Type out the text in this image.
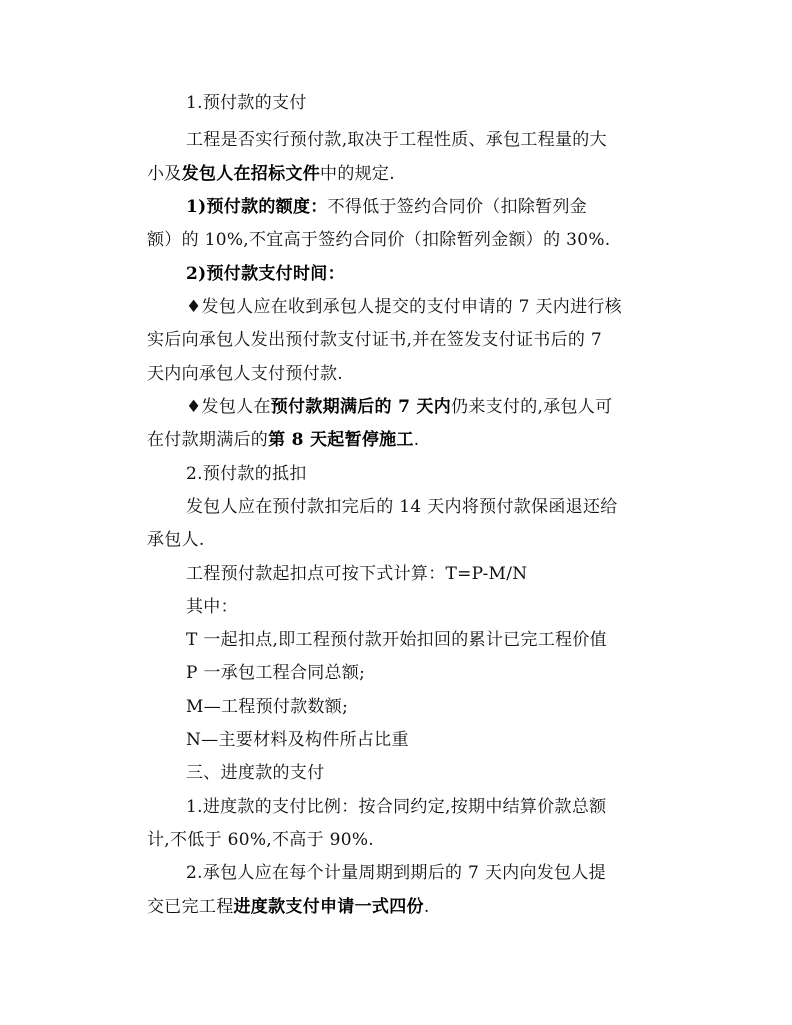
1.预付款的支付
工程是否实行预付款,取决于工程性质、承包工程量的大
小及发包人在招标文件中的规定.
1)预付款的额度：不得低于签约合同价（扣除暂列金
额）的 10%,不宜高于签约合同价（扣除暂列金额）的 30%.
2)预付款支付时间：
♦发包人应在收到承包人提交的支付申请的 7 天内进行核
实后向承包人发出预付款支付证书,并在签发支付证书后的 7
天内向承包人支付预付款.
♦发包人在预付款期满后的 7 天内仍来支付的,承包人可
在付款期满后的第 8 天起暂停施工.
2.预付款的抵扣
发包人应在预付款扣完后的 14 天内将预付款保函退还给
承包人.
工程预付款起扣点可按下式计算：T=P-M/N
其中：
T 一起扣点,即工程预付款开始扣回的累计已完工程价值
P 一承包工程合同总额;
M—工程预付款数额;
N—主要材料及构件所占比重
三、进度款的支付
1.进度款的支付比例：按合同约定,按期中结算价款总额
计,不低于 60%,不高于 90%.
2.承包人应在每个计量周期到期后的 7 天内向发包人提
交已完工程进度款支付申请一式四份.
